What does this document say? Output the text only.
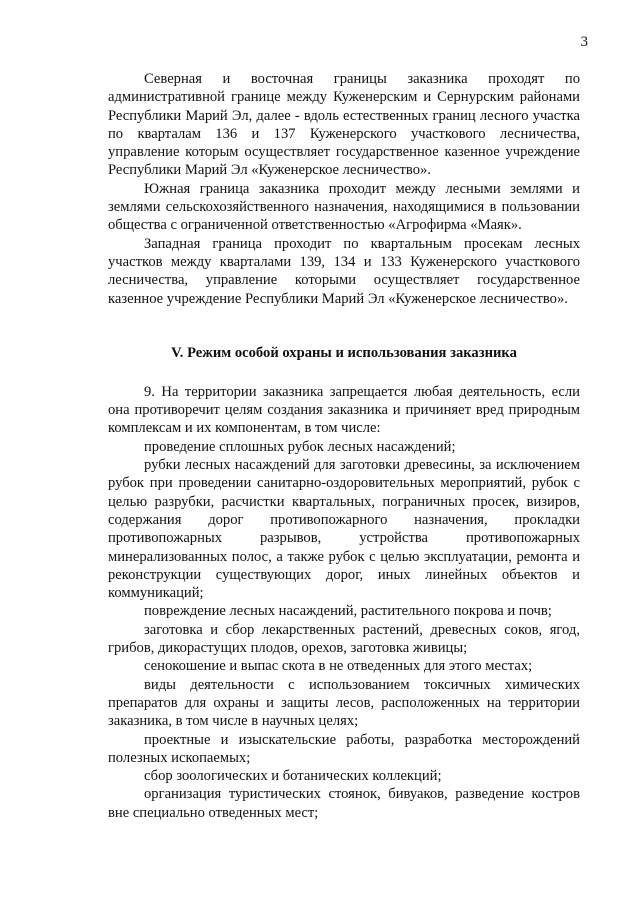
3

Северная и восточная границы заказника проходят по административной границе между Куженерским и Сернурским районами Республики Марий Эл, далее - вдоль естественных границ лесного участка по кварталам 136 и 137 Куженерского участкового лесничества, управление которым осуществляет государственное казенное учреждение Республики Марий Эл «Куженерское лесничество».

Южная граница заказника проходит между лесными землями и землями сельскохозяйственного назначения, находящимися в пользовании общества с ограниченной ответственностью «Агрофирма «Маяк».

Западная граница проходит по квартальным просекам лесных участков между кварталами 139, 134 и 133 Куженерского участкового лесничества, управление которыми осуществляет государственное казенное учреждение Республики Марий Эл «Куженерское лесничество».

V. Режим особой охраны и использования заказника

9. На территории заказника запрещается любая деятельность, если она противоречит целям создания заказника и причиняет вред природным комплексам и их компонентам, в том числе:

проведение сплошных рубок лесных насаждений;

рубки лесных насаждений для заготовки древесины, за исключением рубок при проведении санитарно-оздоровительных мероприятий, рубок с целью разрубки, расчистки квартальных, пограничных просек, визиров, содержания дорог противопожарного назначения, прокладки противопожарных разрывов, устройства противопожарных минерализованных полос, а также рубок с целью эксплуатации, ремонта и реконструкции существующих дорог, иных линейных объектов и коммуникаций;

повреждение лесных насаждений, растительного покрова и почв;

заготовка и сбор лекарственных растений, древесных соков, ягод, грибов, дикорастущих плодов, орехов, заготовка живицы;

сенокошение и выпас скота в не отведенных для этого местах;

виды деятельности с использованием токсичных химических препаратов для охраны и защиты лесов, расположенных на территории заказника, в том числе в научных целях;

проектные и изыскательские работы, разработка месторождений полезных ископаемых;

сбор зоологических и ботанических коллекций;

организация туристических стоянок, бивуаков, разведение костров вне специально отведенных мест;
